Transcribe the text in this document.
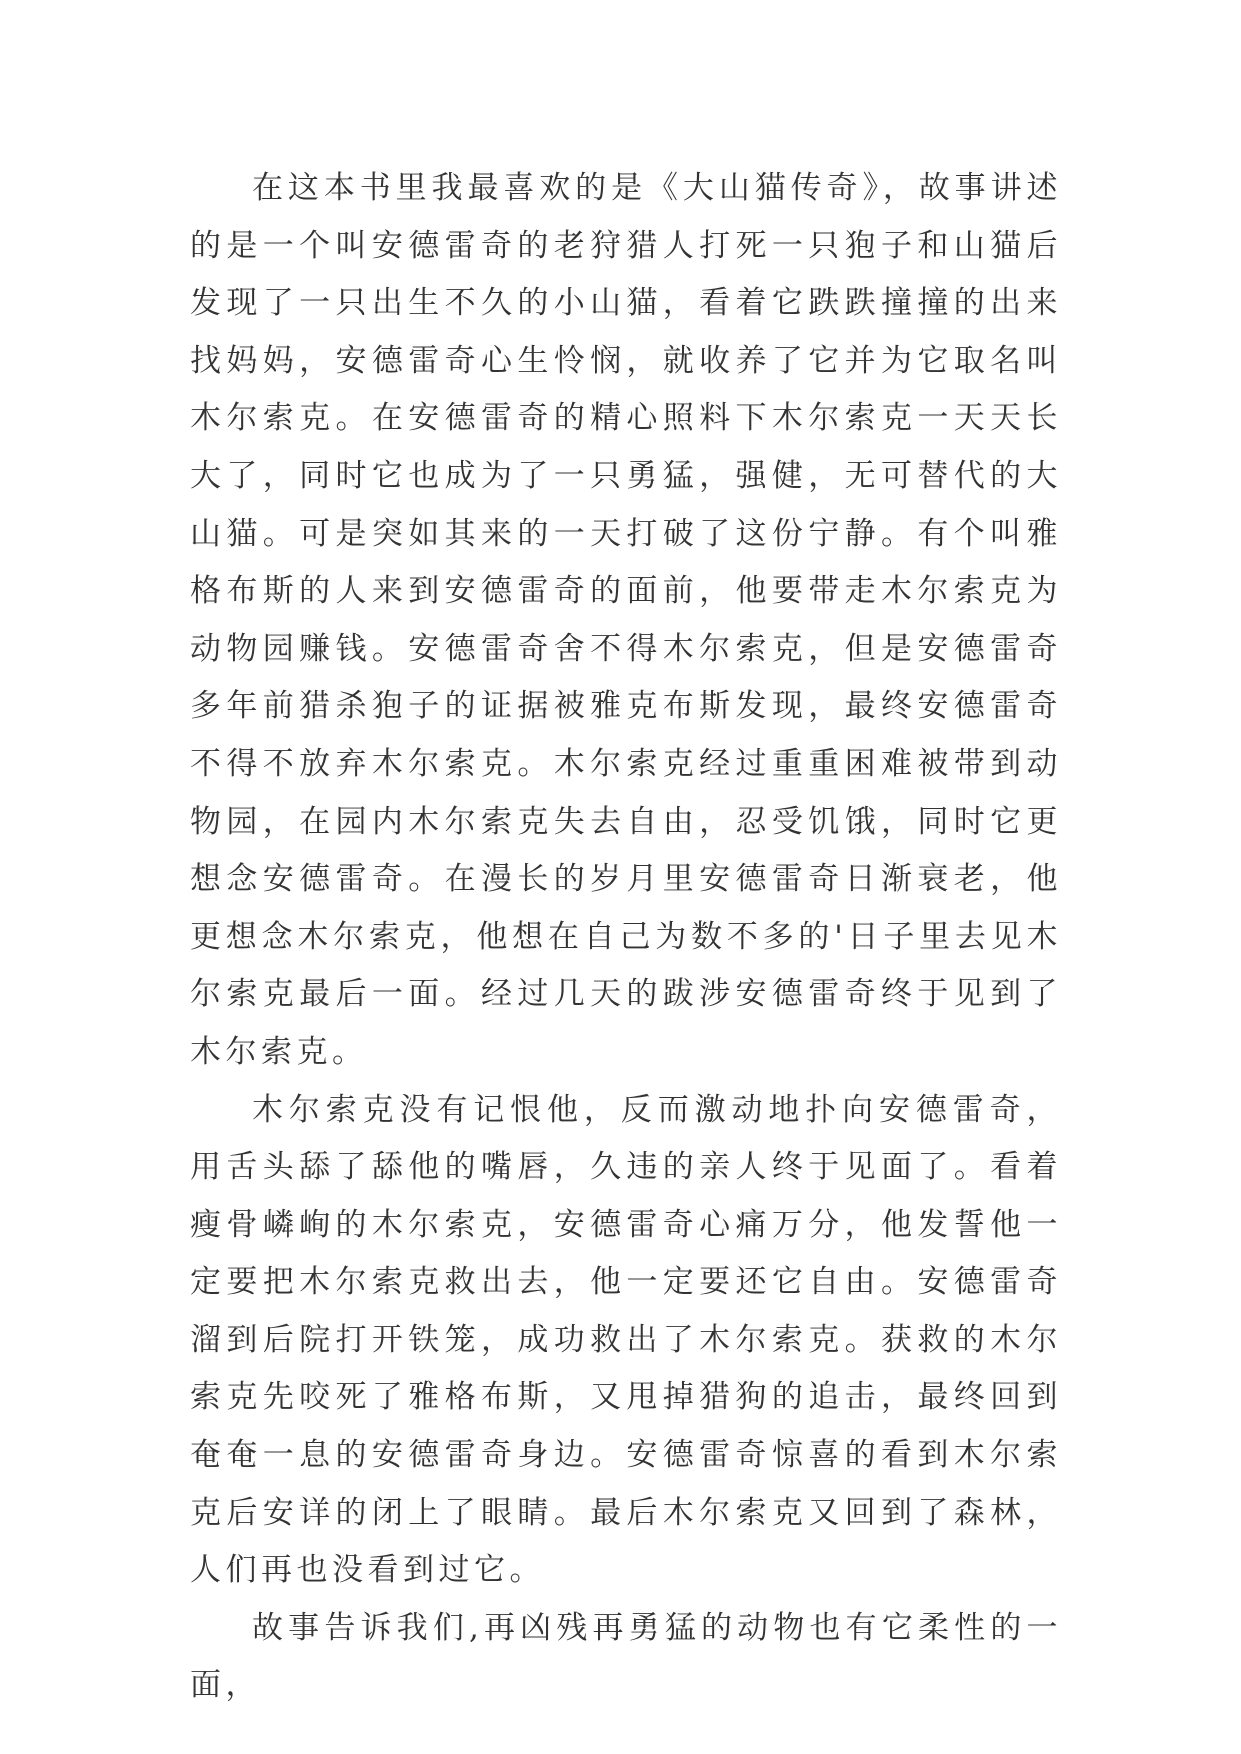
在这本书里我最喜欢的是《大山猫传奇》，故事讲述的是一个叫安德雷奇的老狩猎人打死一只狍子和山猫后发现了一只出生不久的小山猫，看着它跌跌撞撞的出来找妈妈，安德雷奇心生怜悯，就收养了它并为它取名叫木尔索克。在安德雷奇的精心照料下木尔索克一天天长大了，同时它也成为了一只勇猛，强健，无可替代的大山猫。可是突如其来的一天打破了这份宁静。有个叫雅格布斯的人来到安德雷奇的面前，他要带走木尔索克为动物园赚钱。安德雷奇舍不得木尔索克，但是安德雷奇多年前猎杀狍子的证据被雅克布斯发现，最终安德雷奇不得不放弃木尔索克。木尔索克经过重重困难被带到动物园，在园内木尔索克失去自由，忍受饥饿，同时它更想念安德雷奇。在漫长的岁月里安德雷奇日渐衰老，他更想念木尔索克，他想在自己为数不多的'日子里去见木尔索克最后一面。经过几天的跋涉安德雷奇终于见到了木尔索克。

木尔索克没有记恨他，反而激动地扑向安德雷奇，用舌头舔了舔他的嘴唇，久违的亲人终于见面了。看着瘦骨嶙峋的木尔索克，安德雷奇心痛万分，他发誓他一定要把木尔索克救出去，他一定要还它自由。安德雷奇溜到后院打开铁笼，成功救出了木尔索克。获救的木尔索克先咬死了雅格布斯，又甩掉猎狗的追击，最终回到奄奄一息的安德雷奇身边。安德雷奇惊喜的看到木尔索克后安详的闭上了眼睛。最后木尔索克又回到了森林，人们再也没看到过它。

故事告诉我们,再凶残再勇猛的动物也有它柔性的一面，
